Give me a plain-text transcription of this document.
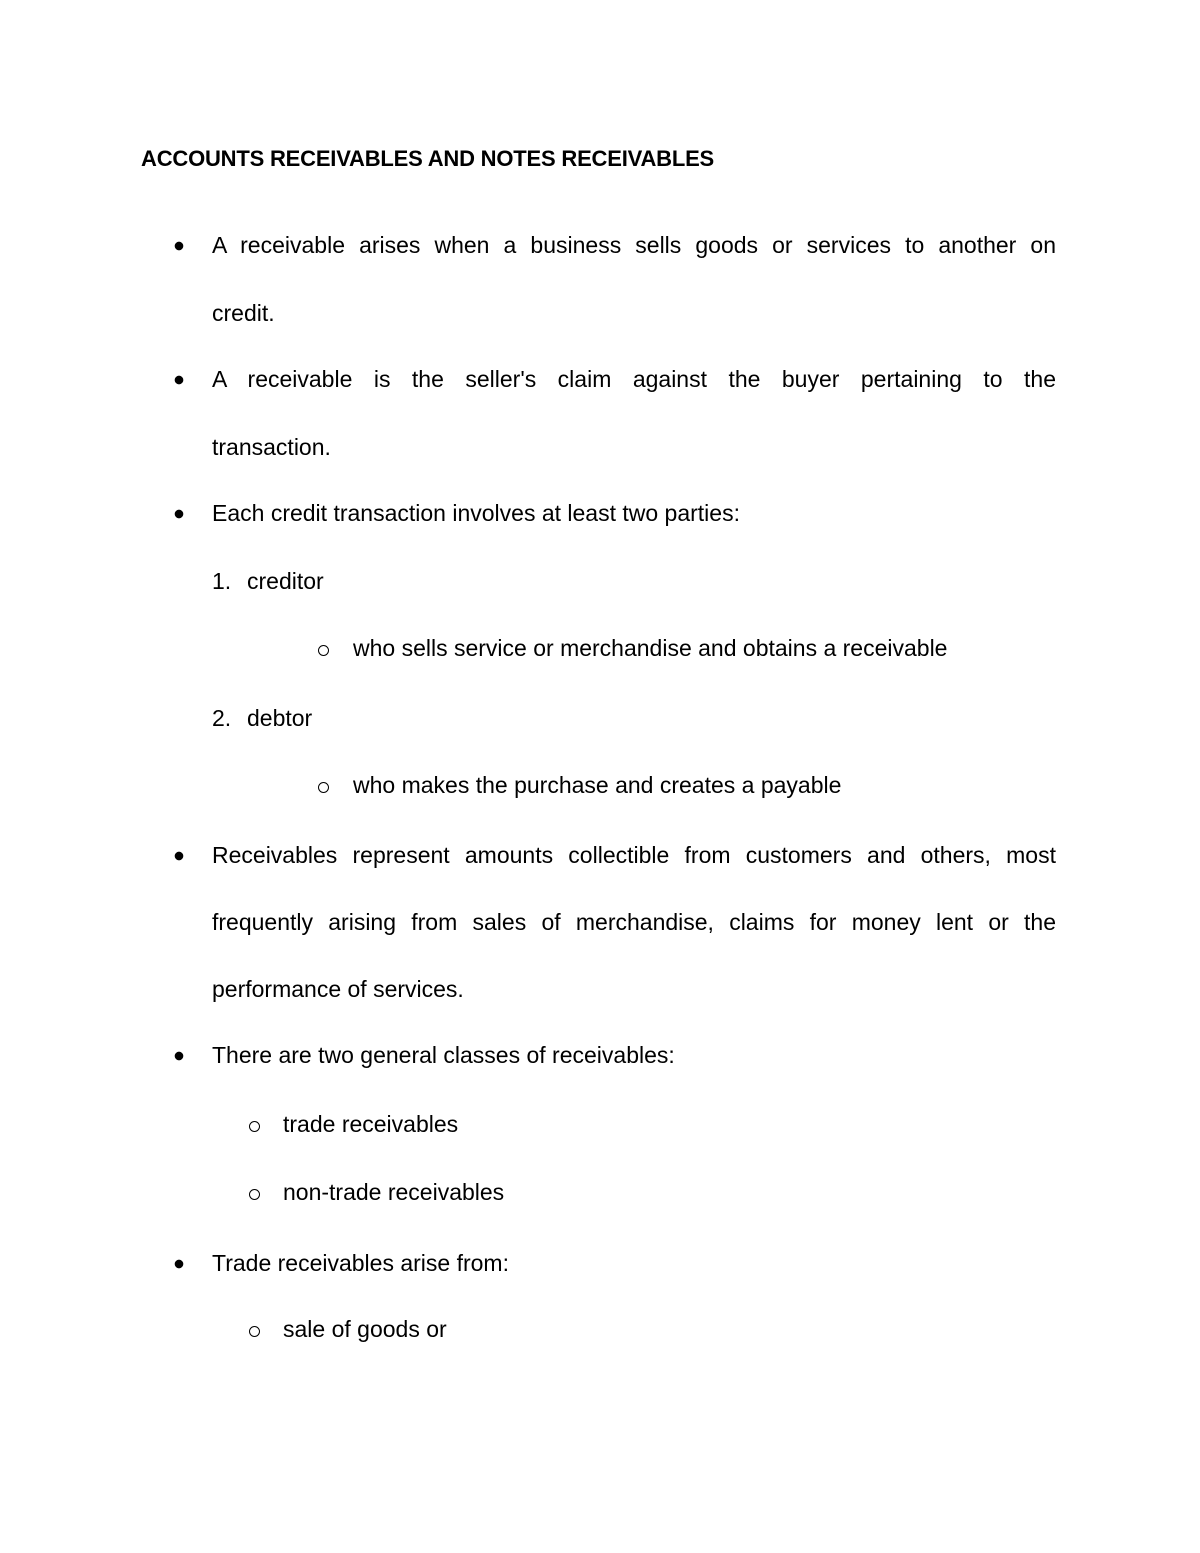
ACCOUNTS RECEIVABLES AND NOTES RECEIVABLES
A receivable arises when a business sells goods or services to another on
credit.
A receivable is the seller's claim against the buyer pertaining to the
transaction.
Each credit transaction involves at least two parties:
1. creditor
who sells service or merchandise and obtains a receivable
2. debtor
who makes the purchase and creates a payable
Receivables represent amounts collectible from customers and others, most
frequently arising from sales of merchandise, claims for money lent or the
performance of services.
There are two general classes of receivables:
trade receivables
non-trade receivables
Trade receivables arise from:
sale of goods or
